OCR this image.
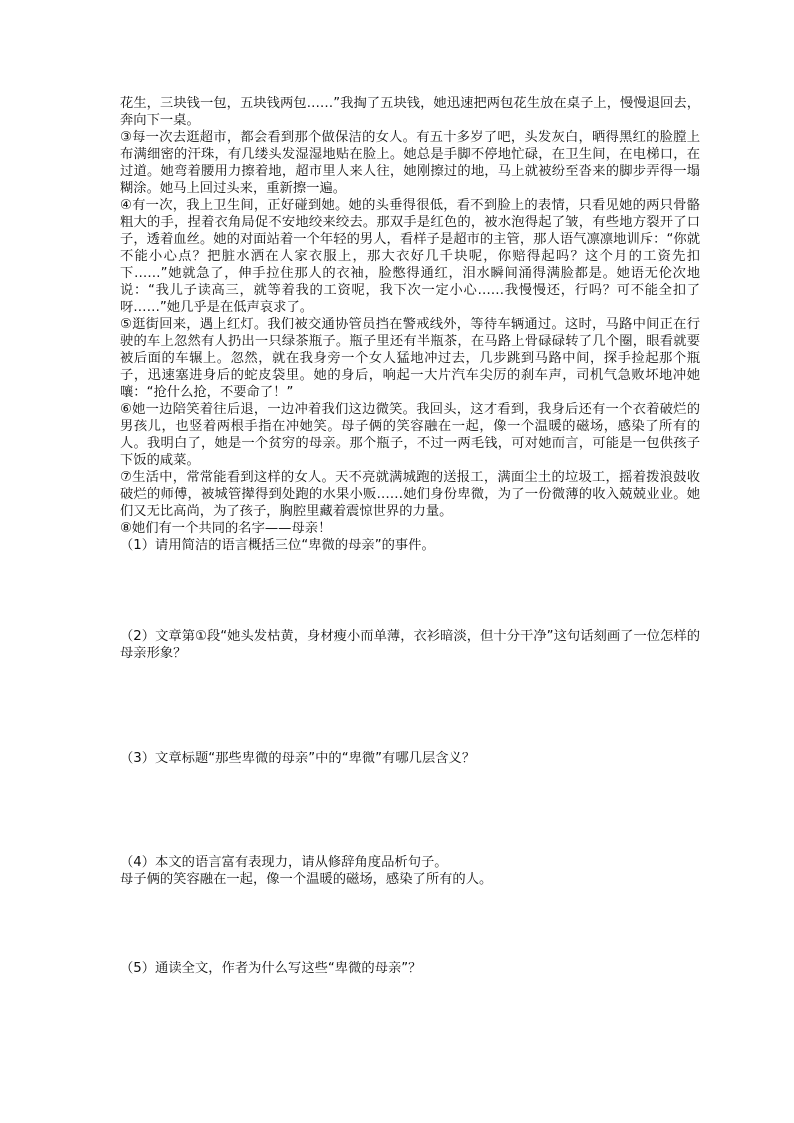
花生，三块钱一包，五块钱两包……”我掏了五块钱，她迅速把两包花生放在桌子上，慢慢退回去，奔向下一桌。

③每一次去逛超市，都会看到那个做保洁的女人。有五十多岁了吧，头发灰白，晒得黑红的脸膛上布满细密的汗珠，有几缕头发湿湿地贴在脸上。她总是手脚不停地忙碌，在卫生间，在电梯口，在过道。她弯着腰用力擦着地，超市里人来人往，她刚擦过的地，马上就被纷至沓来的脚步弄得一塌糊涂。她马上回过头来，重新擦一遍。

④有一次，我上卫生间，正好碰到她。她的头垂得很低，看不到脸上的表情，只看见她的两只骨骼粗大的手，捏着衣角局促不安地绞来绞去。那双手是红色的，被水泡得起了皱，有些地方裂开了口子，透着血丝。她的对面站着一个年轻的男人，看样子是超市的主管，那人语气凛凛地训斥：“你就不能小心点？把脏水洒在人家衣服上，那大衣好几千块呢，你赔得起吗？这个月的工资先扣下……”她就急了，伸手拉住那人的衣袖，脸憋得通红，泪水瞬间涌得满脸都是。她语无伦次地说：“我儿子读高三，就等着我的工资呢，我下次一定小心……我慢慢还，行吗？可不能全扣了呀……”她几乎是在低声哀求了。

⑤逛街回来，遇上红灯。我们被交通协管员挡在警戒线外，等待车辆通过。这时，马路中间正在行驶的车上忽然有人扔出一只绿茶瓶子。瓶子里还有半瓶茶，在马路上骨碌碌转了几个圈，眼看就要被后面的车辗上。忽然，就在我身旁一个女人猛地冲过去，几步跳到马路中间，探手捡起那个瓶子，迅速塞进身后的蛇皮袋里。她的身后，响起一大片汽车尖厉的刹车声，司机气急败坏地冲她嚷：“抢什么抢，不要命了！”

⑥她一边陪笑着往后退，一边冲着我们这边微笑。我回头，这才看到，我身后还有一个衣着破烂的男孩儿，也竖着两根手指在冲她笑。母子俩的笑容融在一起，像一个温暖的磁场，感染了所有的人。我明白了，她是一个贫穷的母亲。那个瓶子，不过一两毛钱，可对她而言，可能是一包供孩子下饭的咸菜。

⑦生活中，常常能看到这样的女人。天不亮就满城跑的送报工，满面尘土的垃圾工，摇着拨浪鼓收破烂的师傅，被城管撵得到处跑的水果小贩……她们身份卑微，为了一份微薄的收入兢兢业业。她们又无比高尚，为了孩子，胸腔里藏着震惊世界的力量。

⑧她们有一个共同的名字——母亲！

（1）请用简洁的语言概括三位“卑微的母亲”的事件。

（2）文章第①段“她头发枯黄，身材瘦小而单薄，衣衫暗淡，但十分干净”这句话刻画了一位怎样的母亲形象？

（3）文章标题“那些卑微的母亲”中的“卑微”有哪几层含义？

（4）本文的语言富有表现力，请从修辞角度品析句子。

母子俩的笑容融在一起，像一个温暖的磁场，感染了所有的人。

（5）通读全文，作者为什么写这些“卑微的母亲”？
